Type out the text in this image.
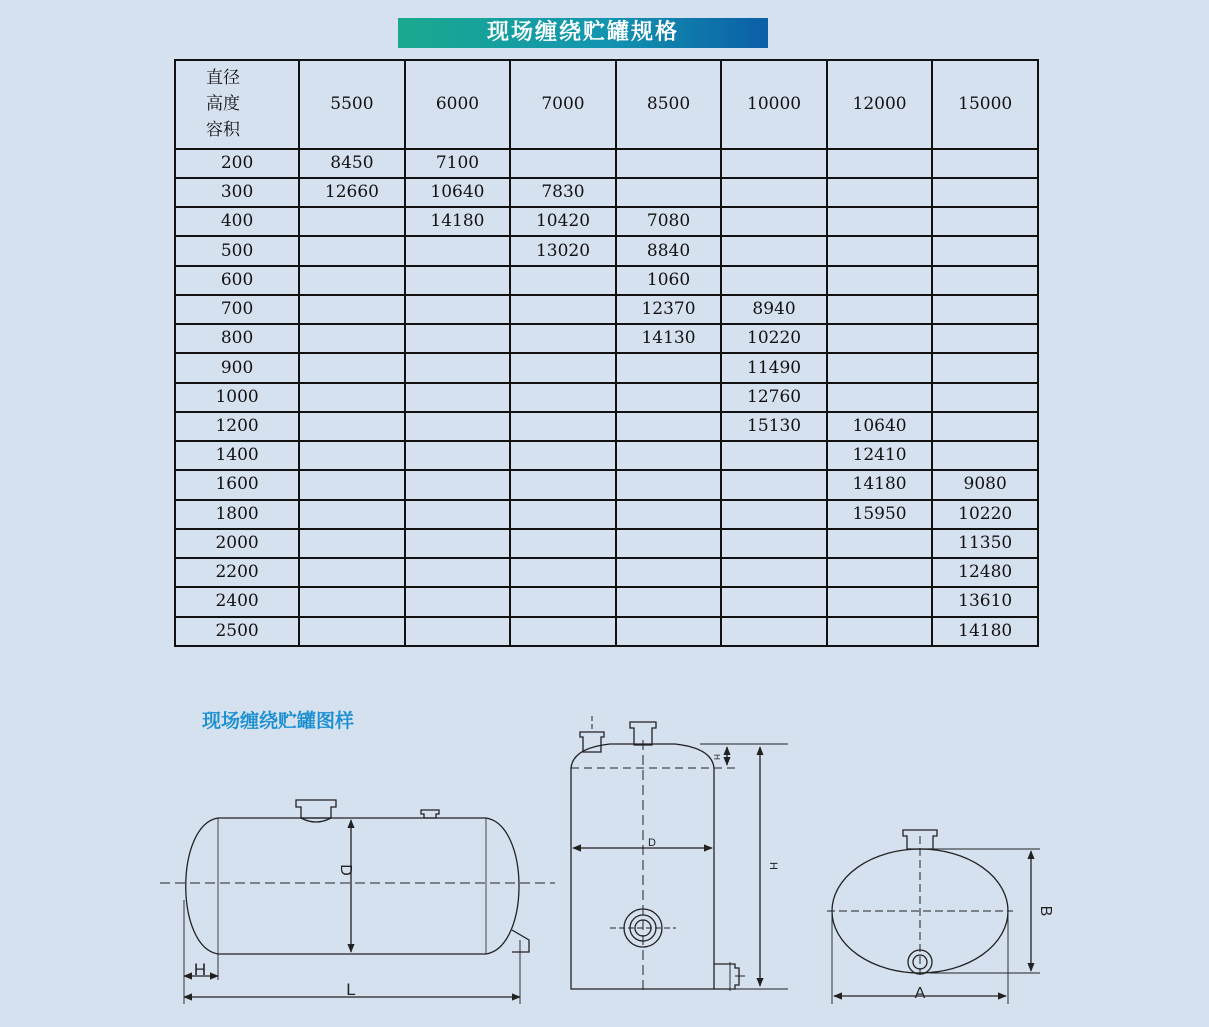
现场缠绕贮罐规格
直径
高度
容积	5500	6000	7000	8500	10000	12000	15000
200	8450	7100					
300	12660	10640	7830				
400		14180	10420	7080			
500			13020	8840			
600				1060			
700				12370	8940		
800				14130	10220		
900					11490		
1000					12760		
1200					15130	10640	
1400						12410	
1600						14180	9080
1800						15950	10220
2000							11350
2200							12480
2400							13610
2500							14180
现场缠绕贮罐图样
D
H
L
D
H
H
A
B
